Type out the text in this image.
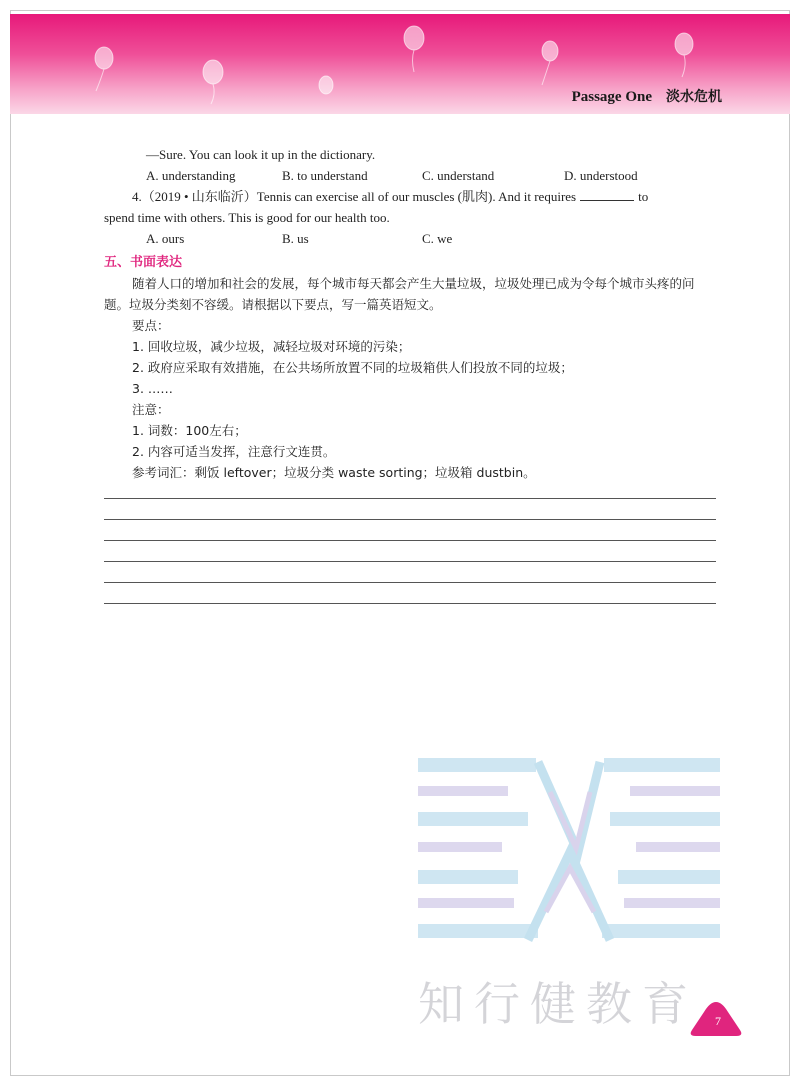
Passage One 淡水危机
—Sure. You can look it up in the dictionary.
A. understanding	B. to understand	C. understand	D. understood
4.（2019 • 山东临沂）Tennis can exercise all of our muscles (肌肉). And it requires	to
spend time with others. This is good for our health too.
A. ours	B. us	C. we
五、书面表达
随着人口的增加和社会的发展，每个城市每天都会产生大量垃圾，垃圾处理已成为令每个城市头疼的问题。垃圾分类刻不容缓。请根据以下要点，写一篇英语短文。
要点：
1. 回收垃圾，减少垃圾，减轻垃圾对环境的污染；
2. 政府应采取有效措施，在公共场所放置不同的垃圾箱供人们投放不同的垃圾；
3. ……
注意：
1. 词数：100左右；
2. 内容可适当发挥，注意行文连贯。
参考词汇：剩饭 leftover；垃圾分类 waste sorting；垃圾箱 dustbin。
知行健教育	7
